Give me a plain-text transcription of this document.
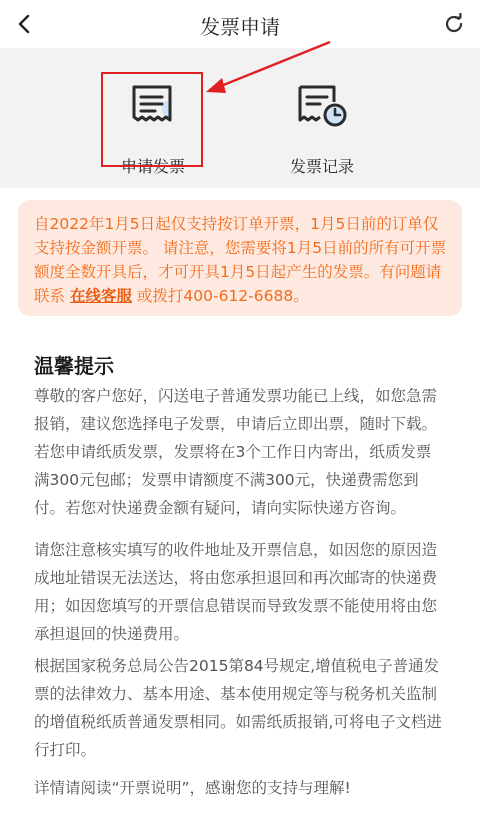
发票申请
申请发票	发票记录
自2022年1月5日起仅支持按订单开票，1月5日前的订单仅支持按金额开票。 请注意，您需要将1月5日前的所有可开票额度全数开具后，才可开具1月5日起产生的发票。有问题请联系 在线客服 或拨打400-612-6688。
温馨提示
尊敬的客户您好，闪送电子普通发票功能已上线，如您急需报销，建议您选择电子发票，申请后立即出票，随时下载。若您申请纸质发票，发票将在3个工作日内寄出，纸质发票满300元包邮；发票申请额度不满300元，快递费需您到付。若您对快递费金额有疑问，请向实际快递方咨询。
请您注意核实填写的收件地址及开票信息，如因您的原因造成地址错误无法送达，将由您承担退回和再次邮寄的快递费用；如因您填写的开票信息错误而导致发票不能使用将由您承担退回的快递费用。
根据国家税务总局公告2015第84号规定,增值税电子普通发票的法律效力、基本用途、基本使用规定等与税务机关监制的增值税纸质普通发票相同。如需纸质报销,可将电子文档进行打印。
详情请阅读“开票说明”，感谢您的支持与理解!
